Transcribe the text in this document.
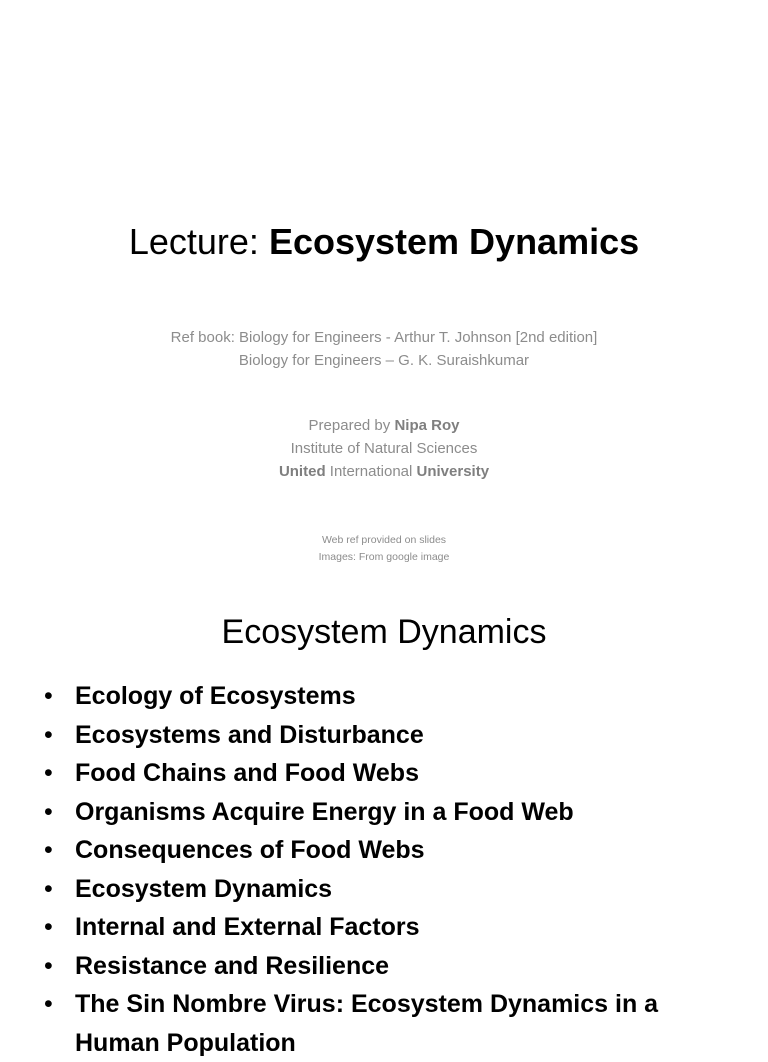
Lecture: Ecosystem Dynamics
Ref book: Biology for Engineers - Arthur T. Johnson [2nd edition]
Biology for Engineers – G. K. Suraishkumar
Prepared by Nipa Roy
Institute of Natural Sciences
United International University
Web ref provided on slides
Images: From google image
Ecosystem Dynamics
• Ecology of Ecosystems
• Ecosystems and Disturbance
• Food Chains and Food Webs
• Organisms Acquire Energy in a Food Web
• Consequences of Food Webs
• Ecosystem Dynamics
• Internal and External Factors
• Resistance and Resilience
• The Sin Nombre Virus: Ecosystem Dynamics in a
Human Population
